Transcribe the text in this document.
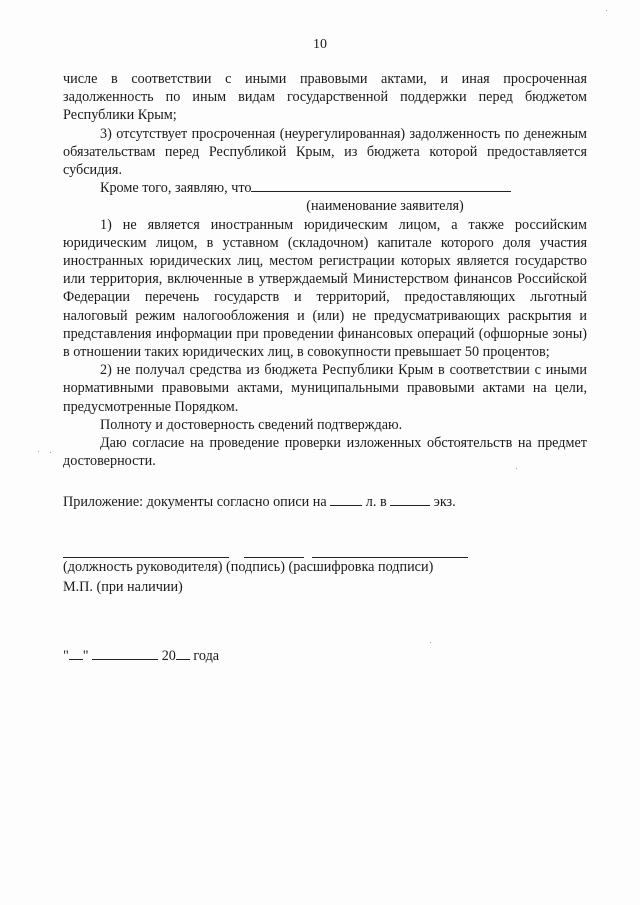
10

числе в соответствии с иными правовыми актами, и иная просроченная задолженность по иным видам государственной поддержки перед бюджетом Республики Крым;

3) отсутствует просроченная (неурегулированная) задолженность по денежным обязательствам перед Республикой Крым, из бюджета которой предоставляется субсидия.

Кроме того, заявляю, что

(наименование заявителя)

1) не является иностранным юридическим лицом, а также российским юридическим лицом, в уставном (складочном) капитале которого доля участия иностранных юридических лиц, местом регистрации которых является государство или территория, включенные в утверждаемый Министерством финансов Российской Федерации перечень государств и территорий, предоставляющих льготный налоговый режим налогообложения и (или) не предусматривающих раскрытия и представления информации при проведении финансовых операций (офшорные зоны) в отношении таких юридических лиц, в совокупности превышает 50 процентов;

2) не получал средства из бюджета Республики Крым в соответствии с иными нормативными правовыми актами, муниципальными правовыми актами на цели, предусмотренные Порядком.

Полноту и достоверность сведений подтверждаю.

Даю согласие на проведение проверки изложенных обстоятельств на предмет достоверности.

Приложение: документы согласно описи на	л. в	экз.
(должность руководителя) (подпись) (расшифровка подписи)
М.П. (при наличии)
" "	20 года
